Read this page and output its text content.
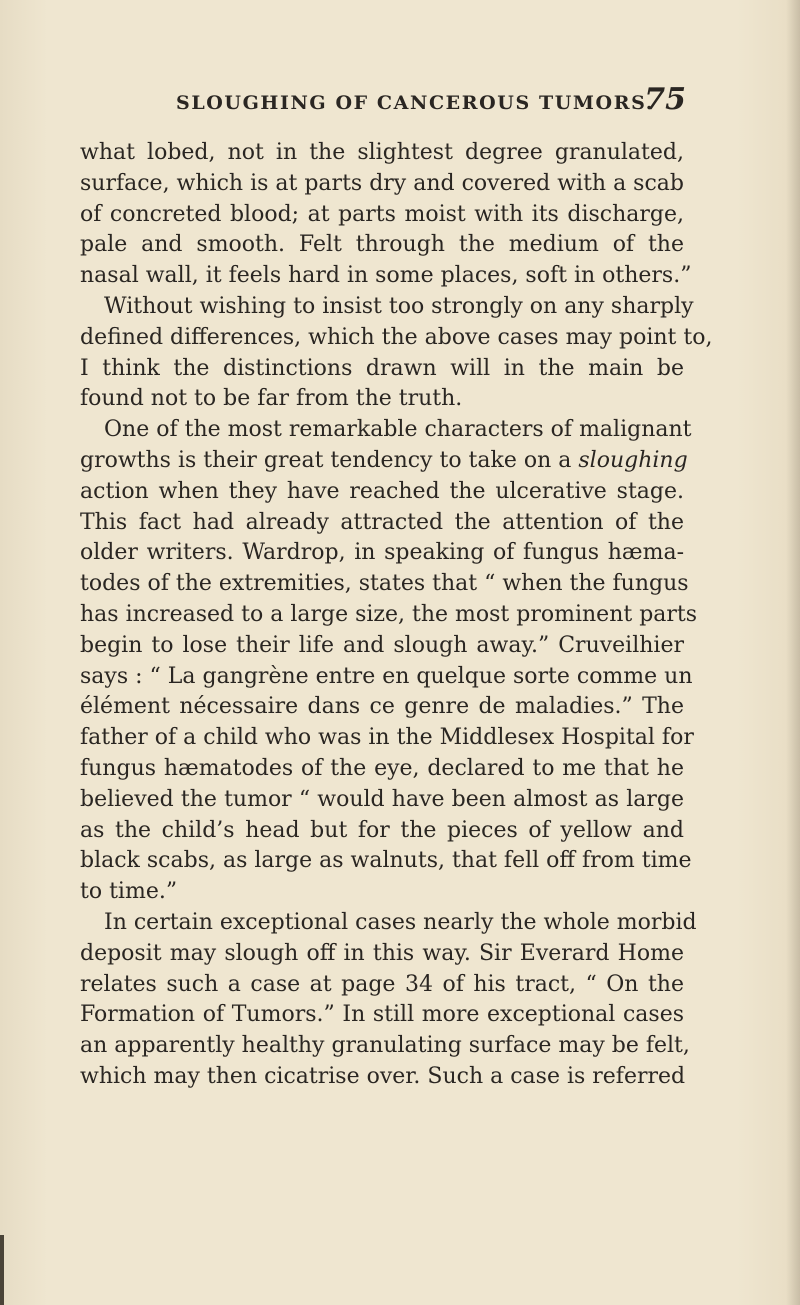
SLOUGHING OF CANCEROUS TUMORS.
75
what lobed, not in the slightest degree granulated,
surface, which is at parts dry and covered with a scab
of concreted blood; at parts moist with its discharge,
pale and smooth. Felt through the medium of the
nasal wall, it feels hard in some places, soft in others.”
Without wishing to insist too strongly on any sharply
defined differences, which the above cases may point to,
I think the distinctions drawn will in the main be
found not to be far from the truth.
One of the most remarkable characters of malignant
growths is their great tendency to take on a sloughing
action when they have reached the ulcerative stage.
This fact had already attracted the attention of the
older writers. Wardrop, in speaking of fungus hæma-
todes of the extremities, states that “ when the fungus
has increased to a large size, the most prominent parts
begin to lose their life and slough away.” Cruveilhier
says : “ La gangrène entre en quelque sorte comme un
élément nécessaire dans ce genre de maladies.” The
father of a child who was in the Middlesex Hospital for
fungus hæmatodes of the eye, declared to me that he
believed the tumor “ would have been almost as large
as the child’s head but for the pieces of yellow and
black scabs, as large as walnuts, that fell off from time
to time.”
In certain exceptional cases nearly the whole morbid
deposit may slough off in this way. Sir Everard Home
relates such a case at page 34 of his tract, “ On the
Formation of Tumors.” In still more exceptional cases
an apparently healthy granulating surface may be felt,
which may then cicatrise over. Such a case is referred
